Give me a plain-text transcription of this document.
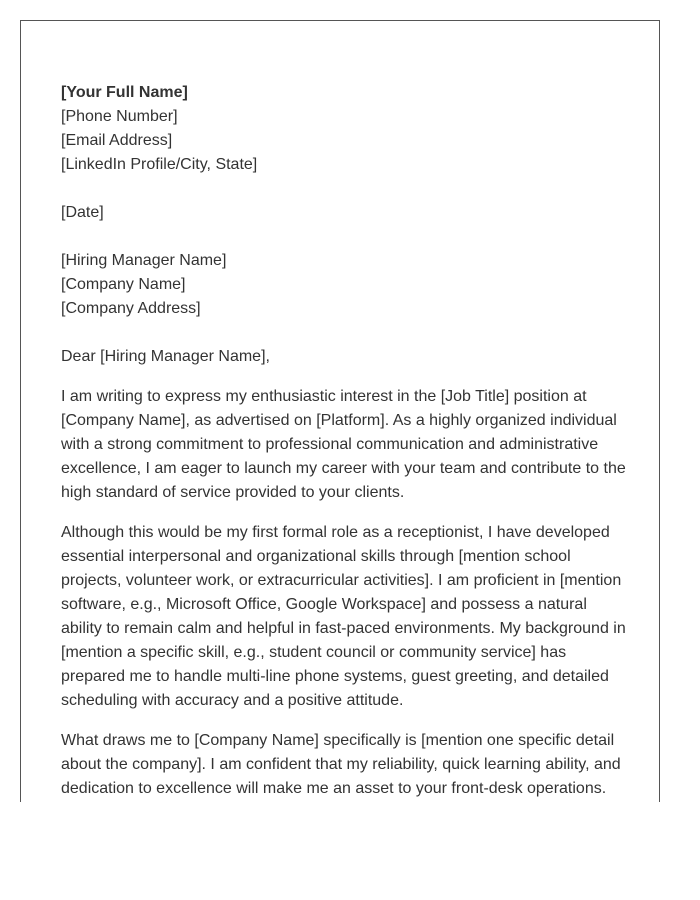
[Your Full Name]
[Phone Number]
[Email Address]
[LinkedIn Profile/City, State]
[Date]
[Hiring Manager Name]
[Company Name]
[Company Address]
Dear [Hiring Manager Name],

I am writing to express my enthusiastic interest in the [Job Title] position at [Company Name], as advertised on [Platform]. As a highly organized individual with a strong commitment to professional communication and administrative excellence, I am eager to launch my career with your team and contribute to the high standard of service provided to your clients.

Although this would be my first formal role as a receptionist, I have developed essential interpersonal and organizational skills through [mention school projects, volunteer work, or extracurricular activities]. I am proficient in [mention software, e.g., Microsoft Office, Google Workspace] and possess a natural ability to remain calm and helpful in fast-paced environments. My background in [mention a specific skill, e.g., student council or community service] has prepared me to handle multi-line phone systems, guest greeting, and detailed scheduling with accuracy and a positive attitude.

What draws me to [Company Name] specifically is [mention one specific detail about the company]. I am confident that my reliability, quick learning ability, and dedication to excellence will make me an asset to your front-desk operations.
